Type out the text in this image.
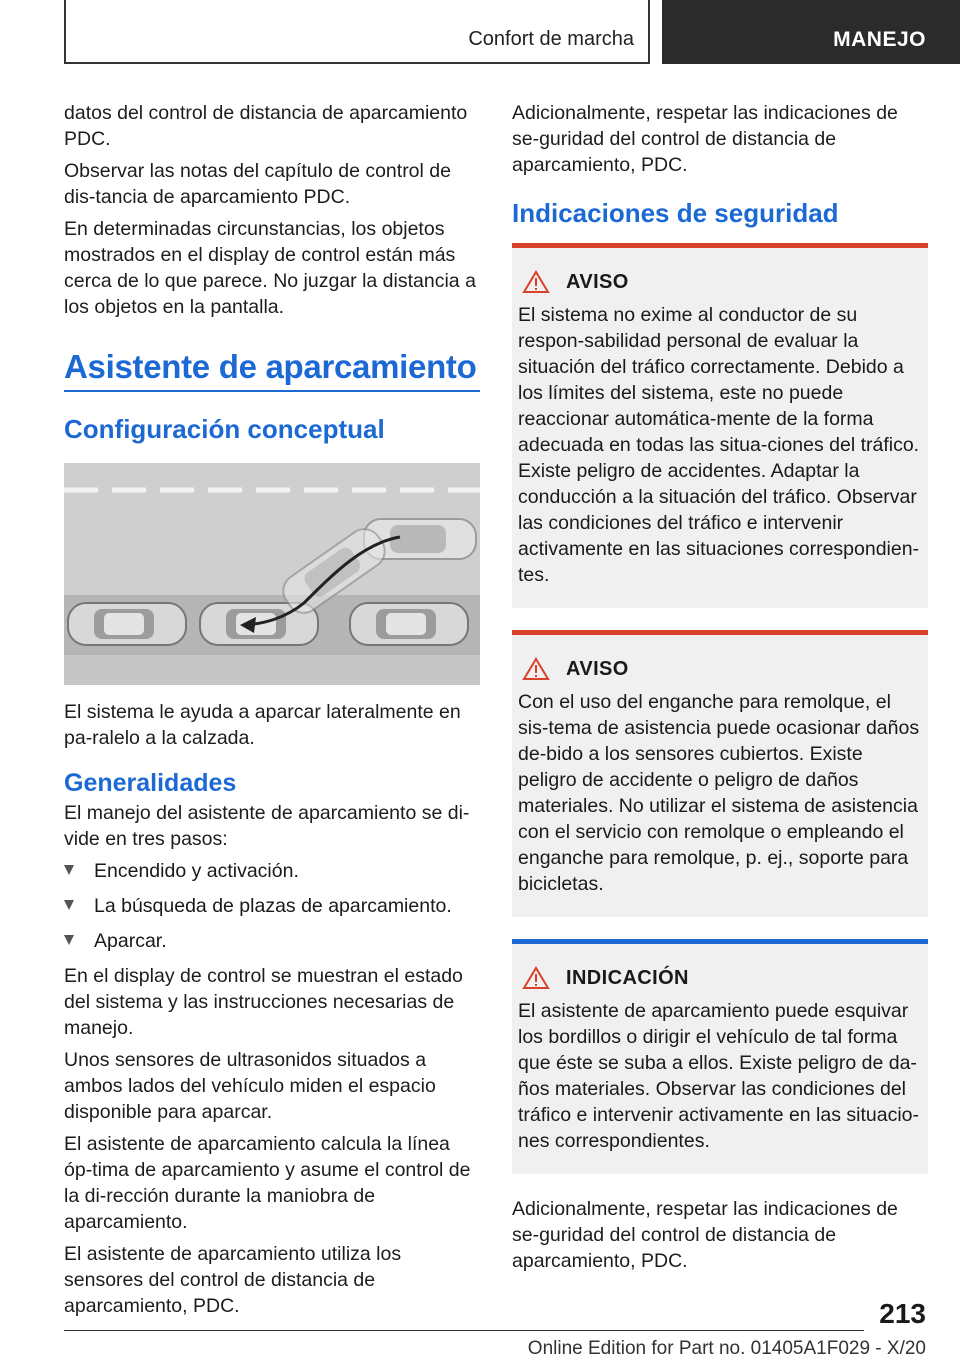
Confort de marcha	MANEJO

datos del control de distancia de aparcamiento PDC.

Observar las notas del capítulo de control de dis-tancia de aparcamiento PDC.

En determinadas circunstancias, los objetos mostrados en el display de control están más cerca de lo que parece. No juzgar la distancia a los objetos en la pantalla.

Asistente de aparcamiento
Configuración conceptual

El sistema le ayuda a aparcar lateralmente en pa-ralelo a la calzada.

Generalidades

El manejo del asistente de aparcamiento se di-vide en tres pasos:

Encendido y activación.
La búsqueda de plazas de aparcamiento.
Aparcar.

En el display de control se muestran el estado del sistema y las instrucciones necesarias de manejo.

Unos sensores de ultrasonidos situados a ambos lados del vehículo miden el espacio disponible para aparcar.

El asistente de aparcamiento calcula la línea óp-tima de aparcamiento y asume el control de la di-rección durante la maniobra de aparcamiento.

El asistente de aparcamiento utiliza los sensores del control de distancia de aparcamiento, PDC.

Adicionalmente, respetar las indicaciones de se-guridad del control de distancia de aparcamiento, PDC.

Indicaciones de seguridad
AVISO

El sistema no exime al conductor de su respon-sabilidad personal de evaluar la situación del tráfico correctamente. Debido a los límites del sistema, este no puede reaccionar automática-mente de la forma adecuada en todas las situa-ciones del tráfico. Existe peligro de accidentes. Adaptar la conducción a la situación del tráfico. Observar las condiciones del tráfico e intervenir activamente en las situaciones correspondien-tes.

AVISO

Con el uso del enganche para remolque, el sis-tema de asistencia puede ocasionar daños de-bido a los sensores cubiertos. Existe peligro de accidente o peligro de daños materiales. No utilizar el sistema de asistencia con el servicio con remolque o empleando el enganche para remolque, p. ej., soporte para bicicletas.

INDICACIÓN

El asistente de aparcamiento puede esquivar los bordillos o dirigir el vehículo de tal forma que éste se suba a ellos. Existe peligro de da-ños materiales. Observar las condiciones del tráfico e intervenir activamente en las situacio-nes correspondientes.

Adicionalmente, respetar las indicaciones de se-guridad del control de distancia de aparcamiento, PDC.

213
Online Edition for Part no. 01405A1F029 - X/20
